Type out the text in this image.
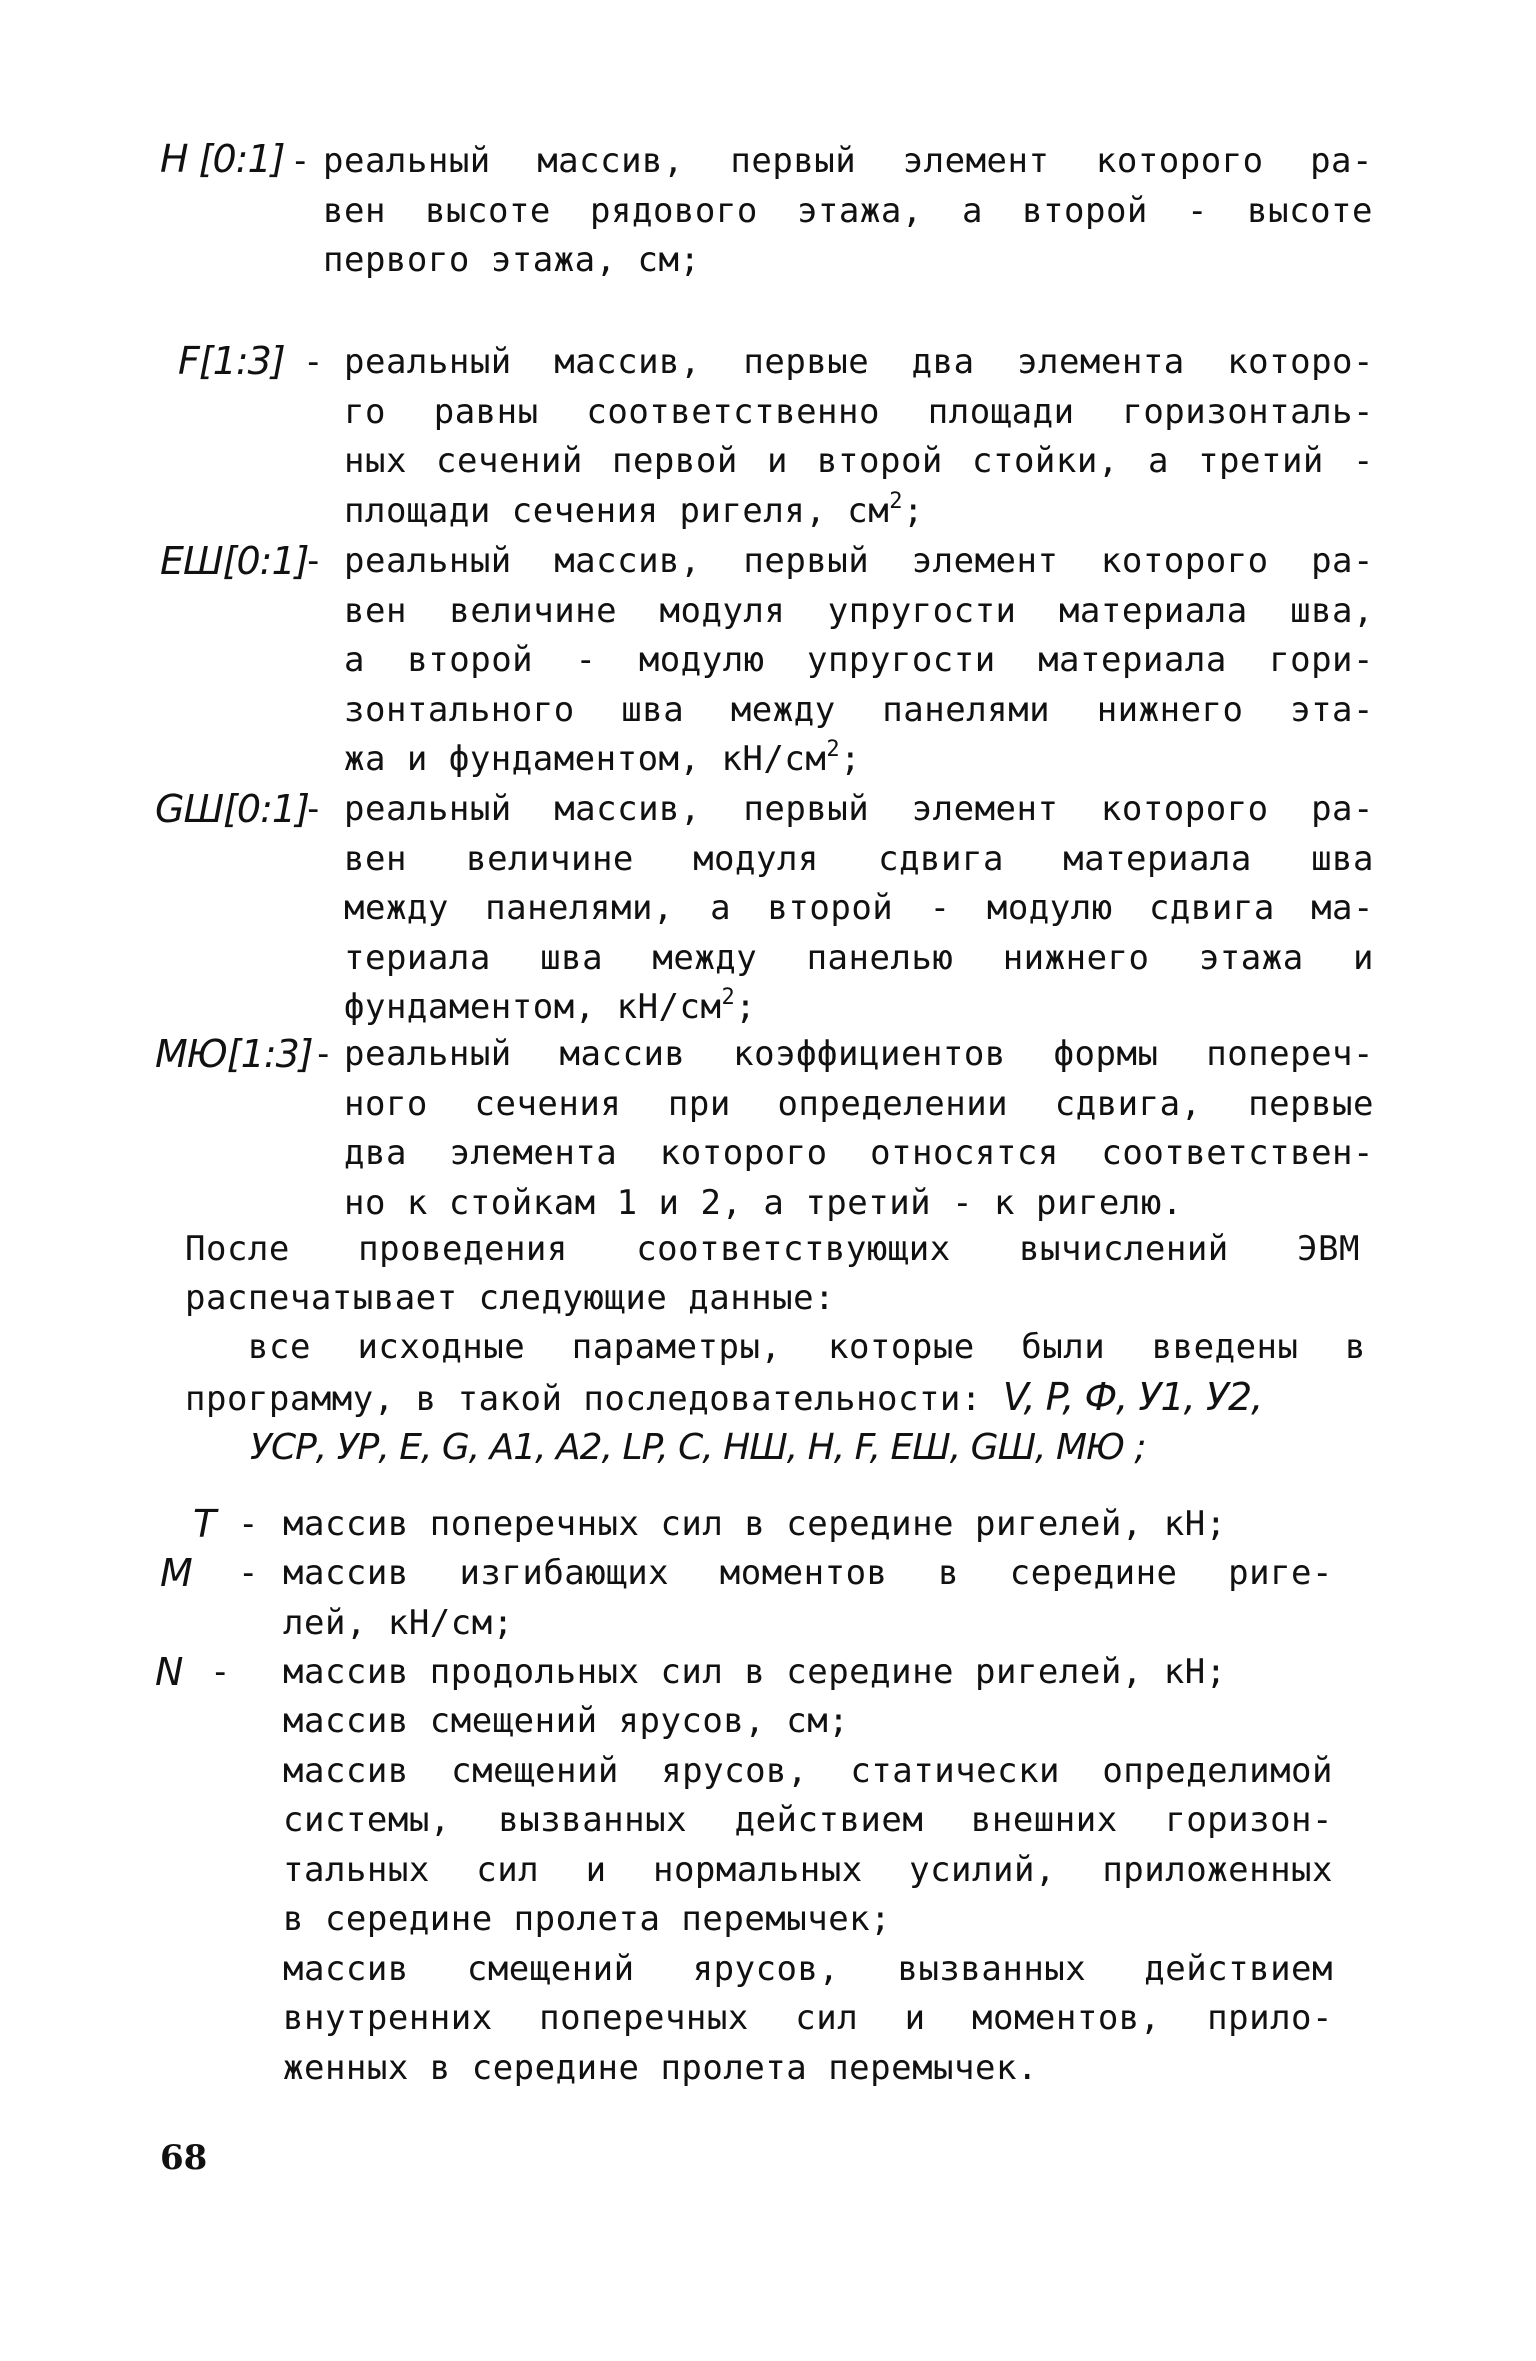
H [0:1] - реальный массив, первый элемент которого ра-
вен высоте рядового этажа, а второй - высоте
первого этажа, см;
F[1:3] - реальный массив, первые два элемента которо-
го равны соответственно площади горизонталь-
ных сечений первой и второй стойки, а третий -
площади сечения ригеля, $см^2$;
ЕШ[0:1]
- реальный массив, первый элемент которого ра-
вен величине модуля упругости материала шва,
а второй - модулю упругости материала гори-
зонтального шва между панелями нижнего эта-
жа и фундаментом, $кН/см^2$;
GШ[0:1]
- реальный массив, первый элемент которого ра-
вен величине модуля сдвига материала шва
между панелями, а второй - модулю сдвига ма-
териала шва между панелью нижнего этажа и
фундаментом, $кН/см^2$;
МЮ[1:3] - реальный массив коэффициентов формы попереч-
ного сечения при определении сдвига, первые
два элемента которого относятся соответствен-
но к стойкам 1 и 2, а третий - к ригелю.
После проведения соответствующих вычислений ЭВМ
распечатывает следующие данные:
все исходные параметры, которые были введены в
программу, в такой последовательности: V, P, Ф, У1, У2,
УСР, УР, Е, G, А1, А2, LP, C, НШ, Н, F, ЕШ, GШ, МЮ ;
T - массив поперечных сил в середине ригелей, кН;
M - массив изгибающих моментов в середине риге-
лей, кН/см;
N - массив продольных сил в середине ригелей, кН;
массив смещений ярусов, см;
массив смещений ярусов, статически определимой
системы, вызванных действием внешних горизон-
тальных сил и нормальных усилий, приложенных
в середине пролета перемычек;
массив смещений ярусов, вызванных действием
внутренних поперечных сил и моментов, прило-
женных в середине пролета перемычек.
68
